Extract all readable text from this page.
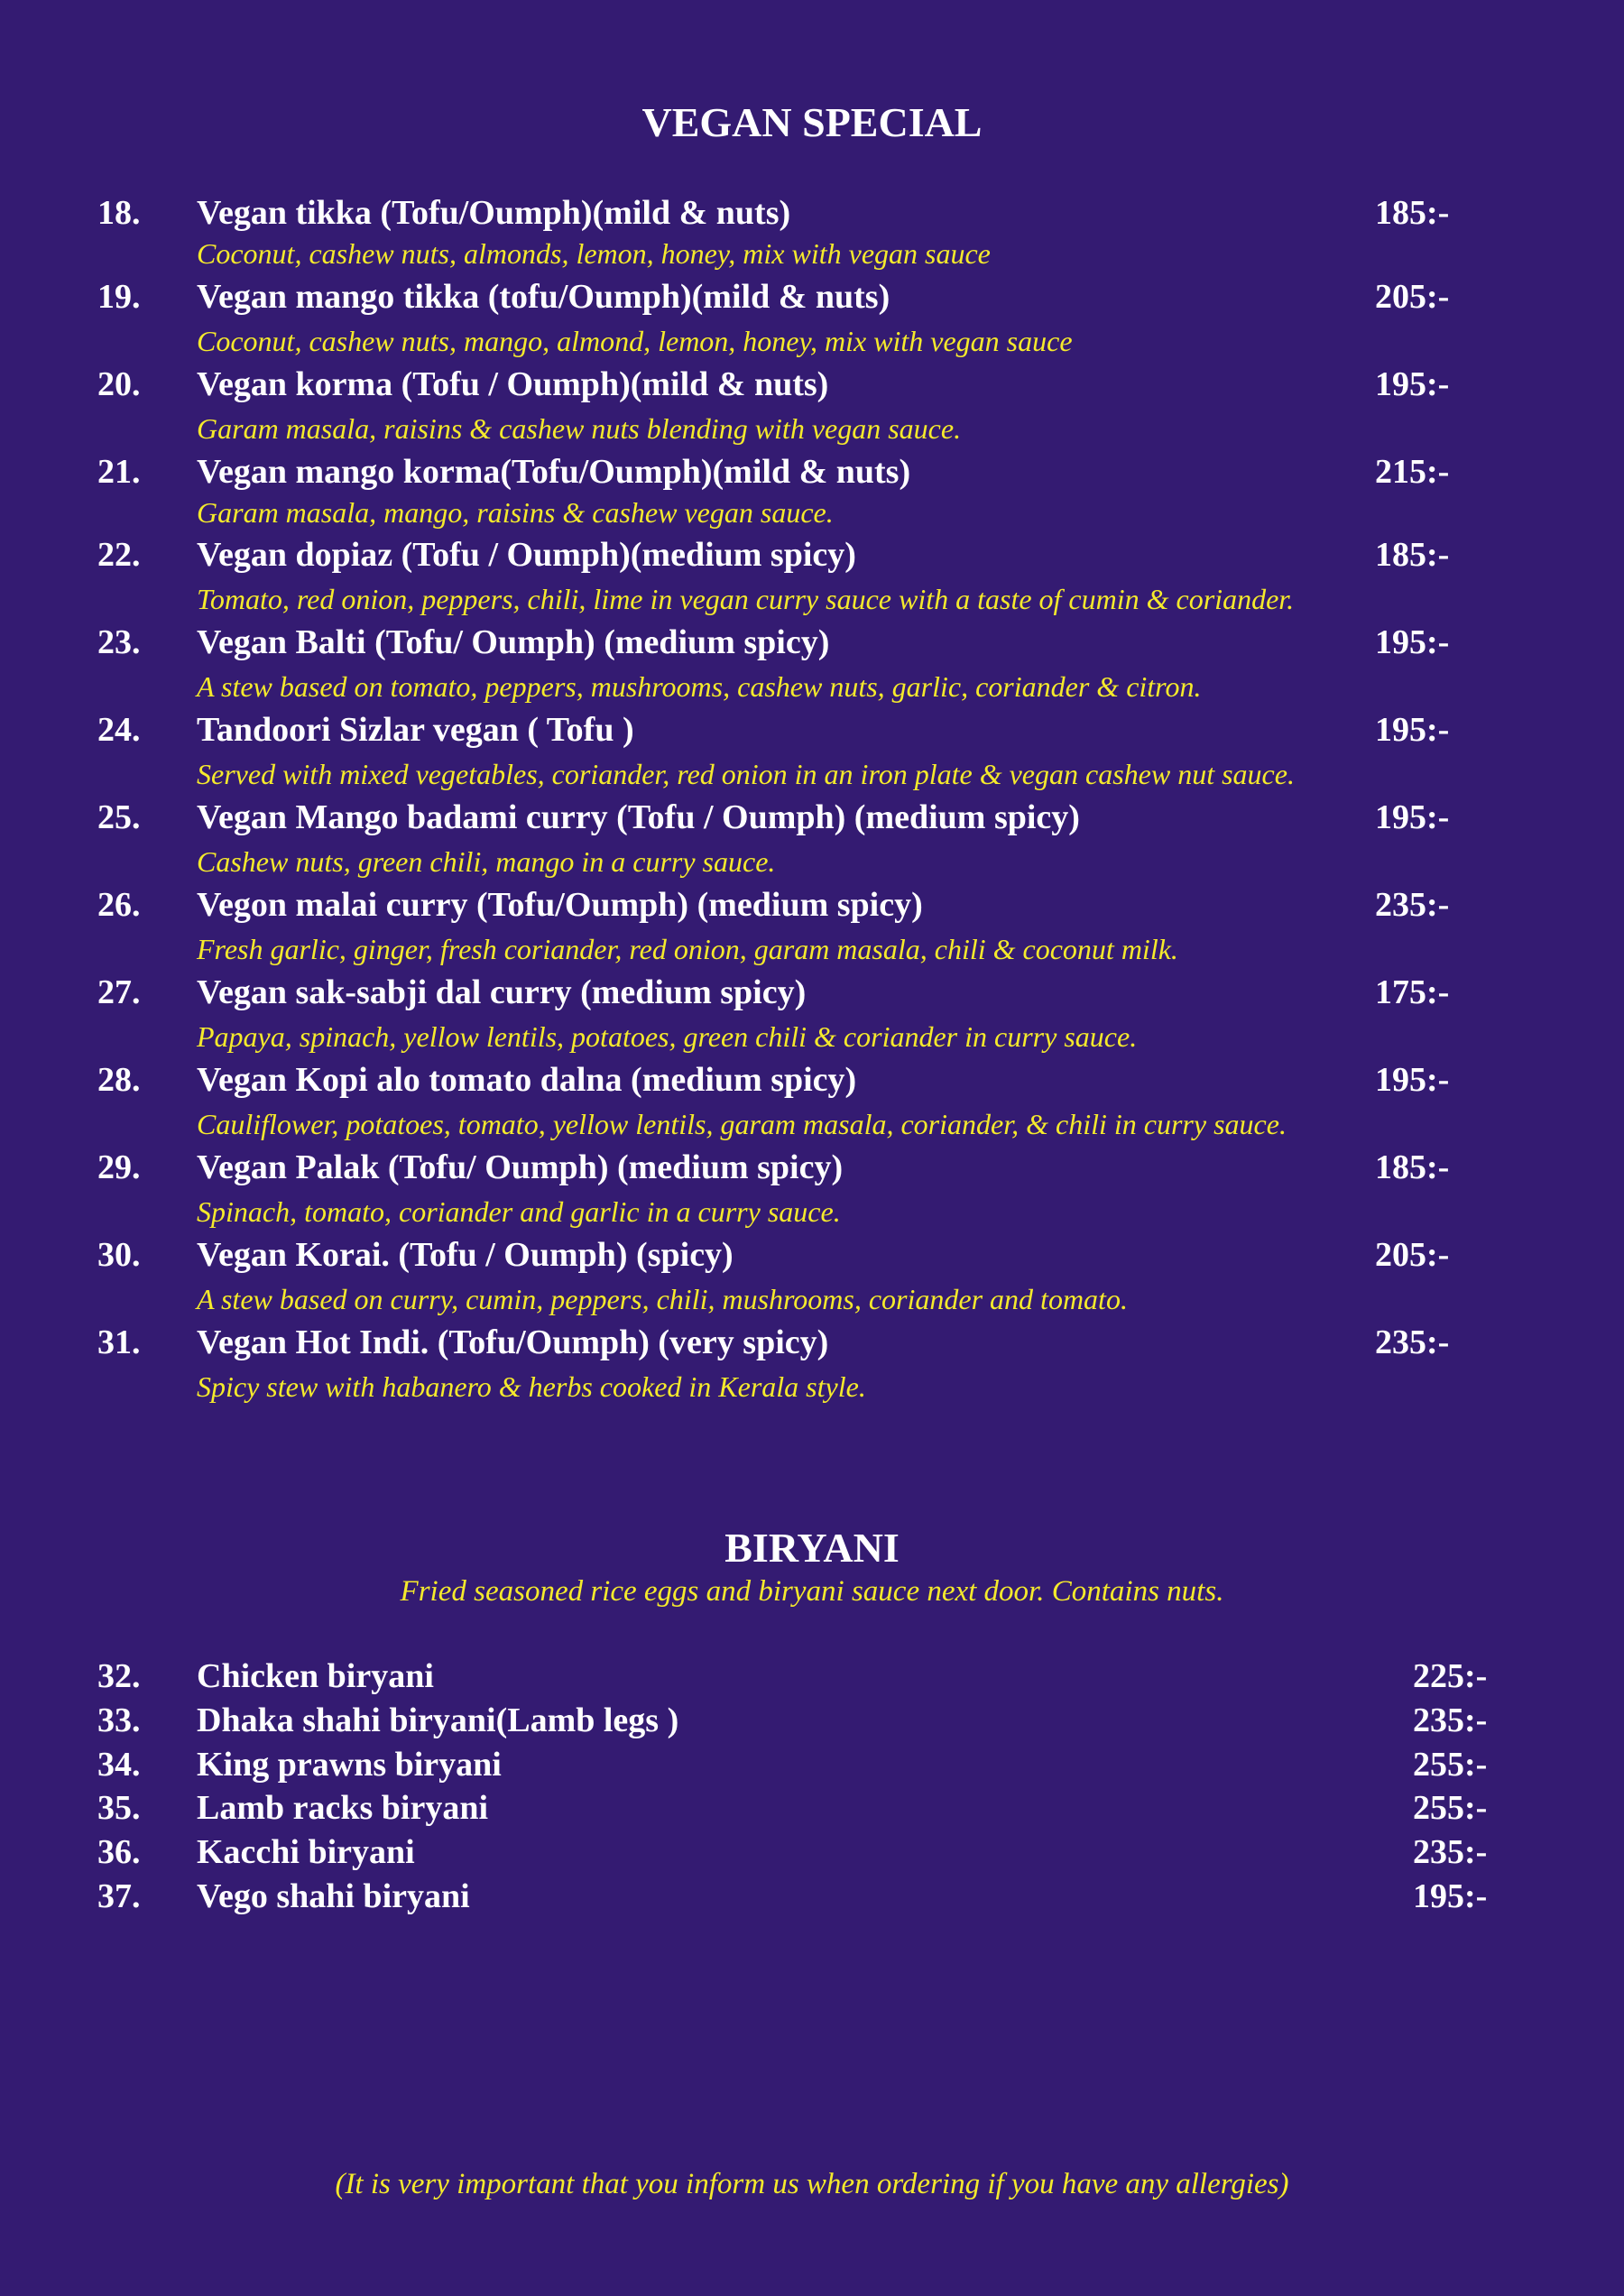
VEGAN SPECIAL
18. Vegan tikka (Tofu/Oumph)(mild & nuts)	185:-
Coconut, cashew nuts, almonds, lemon, honey, mix with vegan sauce
19. Vegan mango tikka (tofu/Oumph)(mild & nuts)	205:-
Coconut, cashew nuts, mango, almond, lemon, honey, mix with vegan sauce
20. Vegan korma (Tofu / Oumph)(mild & nuts)	195:-
Garam masala, raisins & cashew nuts blending with vegan sauce.
21. Vegan mango korma(Tofu/Oumph)(mild & nuts)	215:-
Garam masala, mango, raisins & cashew vegan sauce.
22. Vegan dopiaz (Tofu / Oumph)(medium spicy)	185:-
Tomato, red onion, peppers, chili, lime in vegan curry sauce with a taste of cumin & coriander.
23. Vegan Balti (Tofu/ Oumph) (medium spicy)	195:-
A stew based on tomato, peppers, mushrooms, cashew nuts, garlic, coriander & citron.
24. Tandoori Sizlar vegan ( Tofu )	195:-
Served with mixed vegetables, coriander, red onion in an iron plate & vegan cashew nut sauce.
25. Vegan Mango badami curry (Tofu / Oumph) (medium spicy)	195:-
Cashew nuts, green chili, mango in a curry sauce.
26. Vegon malai curry (Tofu/Oumph) (medium spicy)	235:-
Fresh garlic, ginger, fresh coriander, red onion, garam masala, chili & coconut milk.
27. Vegan sak-sabji dal curry (medium spicy)	175:-
Papaya, spinach, yellow lentils, potatoes, green chili & coriander in curry sauce.
28. Vegan Kopi alo tomato dalna (medium spicy)	195:-
Cauliflower, potatoes, tomato, yellow lentils, garam masala, coriander, & chili in curry sauce.
29. Vegan Palak (Tofu/ Oumph) (medium spicy)	185:-
Spinach, tomato, coriander and garlic in a curry sauce.
30. Vegan Korai. (Tofu / Oumph) (spicy)	205:-
A stew based on curry, cumin, peppers, chili, mushrooms, coriander and tomato.
31. Vegan Hot Indi. (Tofu/Oumph) (very spicy)	235:-
Spicy stew with habanero & herbs cooked in Kerala style.
BIRYANI

Fried seasoned rice eggs and biryani sauce next door. Contains nuts.

32. Chicken biryani	225:-
33. Dhaka shahi biryani(Lamb legs )	235:-
34. King prawns biryani	255:-
35. Lamb racks biryani	255:-
36. Kacchi biryani	235:-
37. Vego shahi biryani	195:-

(It is very important that you inform us when ordering if you have any allergies)
